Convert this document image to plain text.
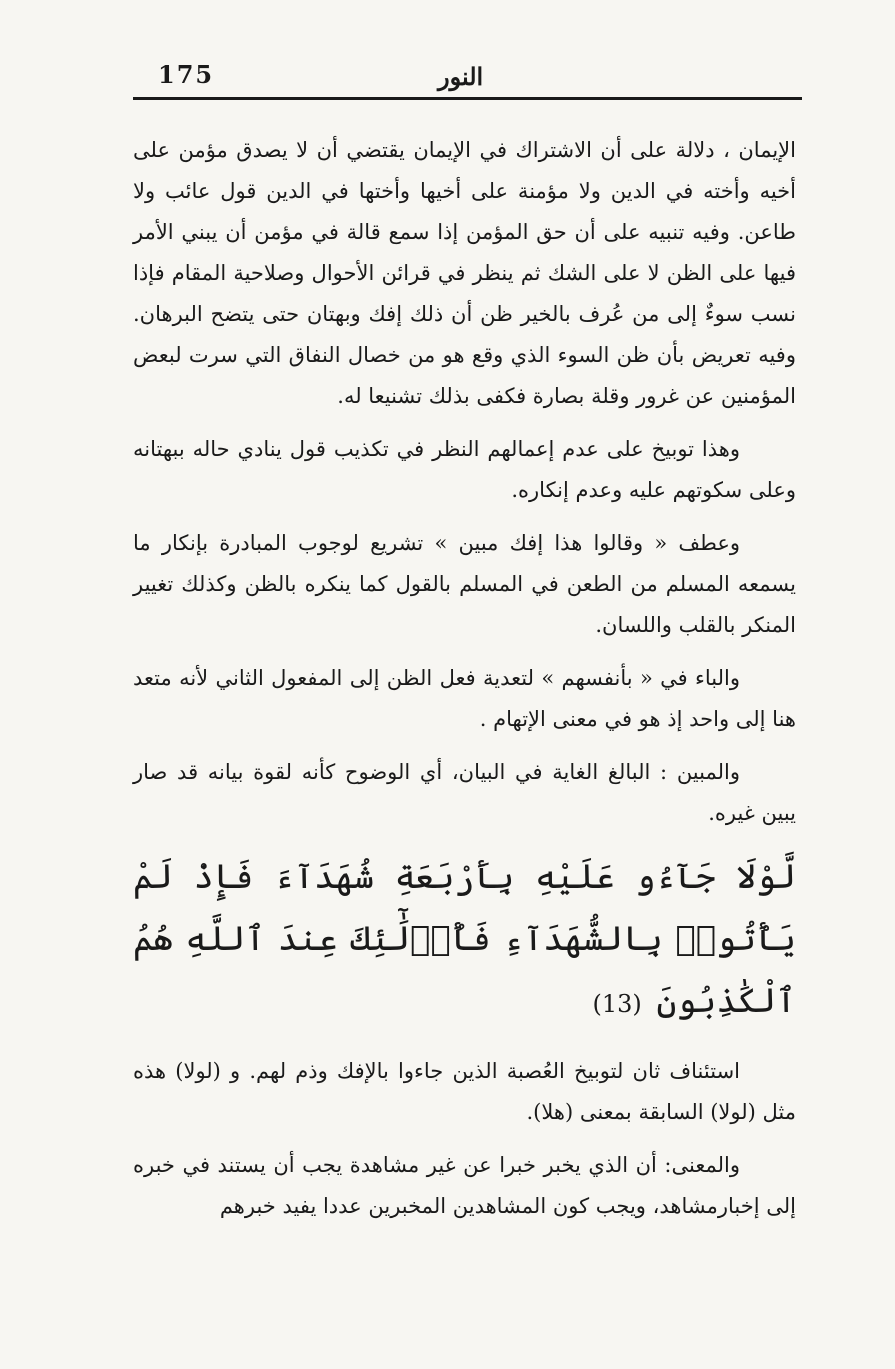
175	النور

الإيمان ، دلالة على أن الاشتراك في الإيمان يقتضي أن لا يصدق مؤمن على أخيه وأخته في الدين ولا مؤمنة على أخيها وأختها في الدين قول عائب ولا طاعن. وفيه تنبيه على أن حق المؤمن إذا سمع قالة في مؤمن أن يبني الأمر فيها على الظن لا على الشك ثم ينظر في قرائن الأحوال وصلاحية المقام فإذا نسب سوءٌ إلى من عُرف بالخير ظن أن ذلك إفك وبهتان حتى يتضح البرهان. وفيه تعريض بأن ظن السوء الذي وقع هو من خصال النفاق التي سرت لبعض المؤمنين عن غرور وقلة بصارة فكفى بذلك تشنيعا له.

وهذا توبيخ على عدم إعمالهم النظر في تكذيب قول ينادي حاله ببهتانه وعلى سكوتهم عليه وعدم إنكاره.

وعطف « وقالوا هذا إفك مبين » تشريع لوجوب المبادرة بإنكار ما يسمعه المسلم من الطعن في المسلم بالقول كما ينكره بالظن وكذلك تغيير المنكر بالقلب واللسان.

والباء في « بأنفسهم » لتعدية فعل الظن إلى المفعول الثاني لأنه متعد هنا إلى واحد إذ هو في معنى الإتهام .

والمبين : البالغ الغاية في البيان، أي الوضوح كأنه لقوة بيانه قد صار يبين غيره.

لَّوْلَا جَآءُو عَلَيْهِ بِأَرْبَعَةِ شُهَدَآءَ فَإِذْ لَمْ يَأْتُوا۟ بِالشُّهَدَآءِ فَأُو۟لَٰٓئِكَ عِندَ ٱللَّهِ هُمُ ٱلْكَٰذِبُونَ (13)

استئناف ثان لتوبيخ العُصبة الذين جاءوا بالإفك وذم لهم. و (لولا) هذه مثل (لولا) السابقة بمعنى (هلا).

والمعنى: أن الذي يخبر خبرا عن غير مشاهدة يجب أن يستند في خبره إلى إخبارمشاهد، ويجب كون المشاهدين المخبرين عددا يفيد خبرهم
